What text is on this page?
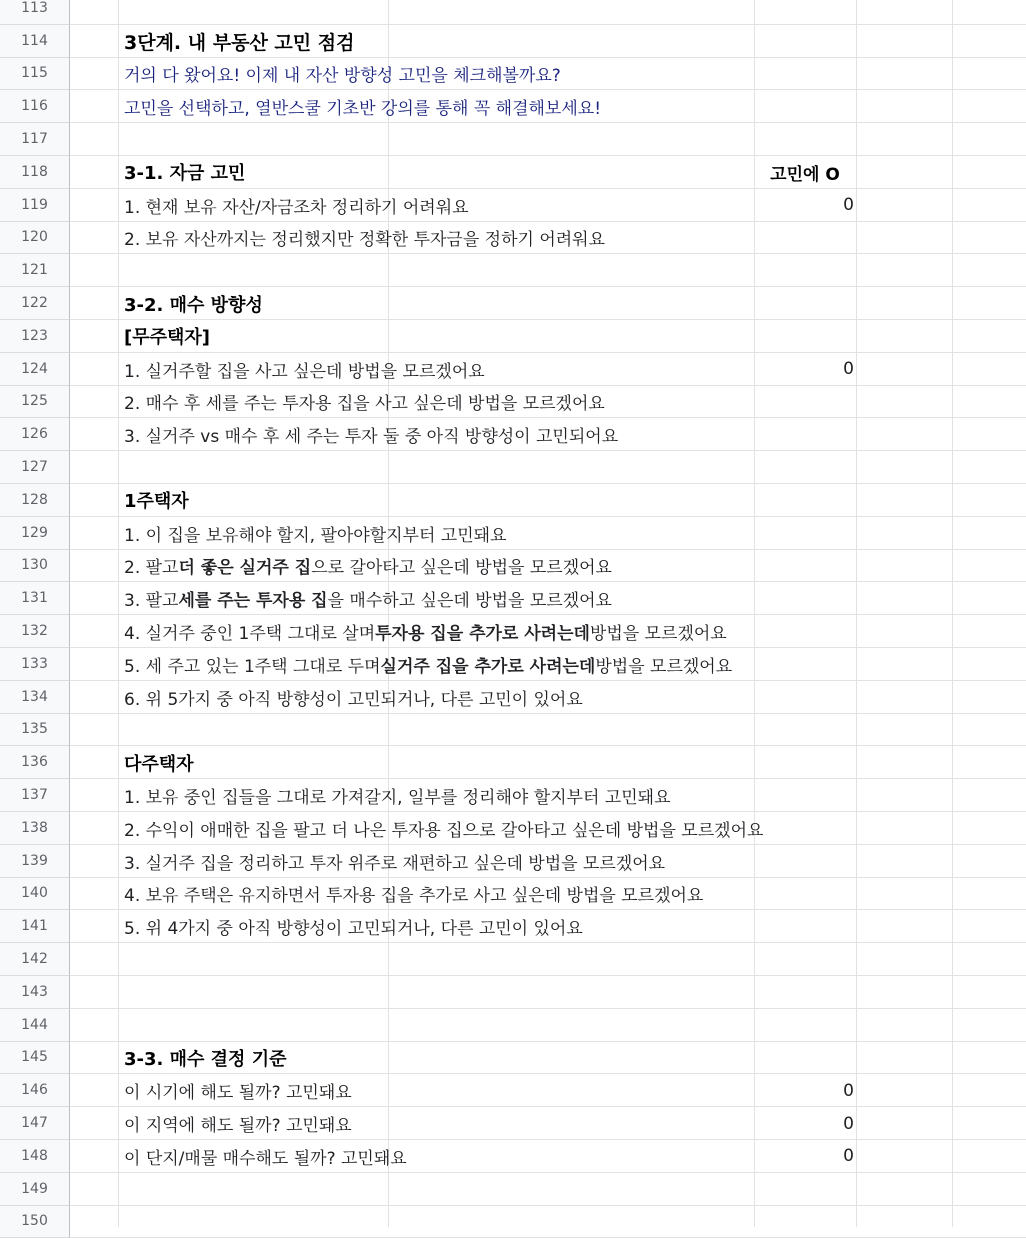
113
114	3단계. 내 부동산 고민 점검
115	거의 다 왔어요! 이제 내 자산 방향성 고민을 체크해볼까요?
116	고민을 선택하고, 열반스쿨 기초반 강의를 통해 꼭 해결해보세요!
117
118	3-1. 자금 고민	고민에 O
119	1. 현재 보유 자산/자금조차 정리하기 어려워요	0
120	2. 보유 자산까지는 정리했지만 정확한 투자금을 정하기 어려워요
121
122	3-2. 매수 방향성
123	[무주택자]
124	1. 실거주할 집을 사고 싶은데 방법을 모르겠어요	0
125	2. 매수 후 세를 주는 투자용 집을 사고 싶은데 방법을 모르겠어요
126	3. 실거주 vs 매수 후 세 주는 투자 둘 중 아직 방향성이 고민되어요
127
128	1주택자
129	1. 이 집을 보유해야 할지, 팔아야할지부터 고민돼요
130	2. 팔고 더 좋은 실거주 집 으로 갈아타고 싶은데 방법을 모르겠어요
131	3. 팔고 세를 주는 투자용 집 을 매수하고 싶은데 방법을 모르겠어요
132	4. 실거주 중인 1주택 그대로 살며 투자용 집을 추가로 사려는데 방법을 모르겠어요
133	5. 세 주고 있는 1주택 그대로 두며 실거주 집을 추가로 사려는데 방법을 모르겠어요
134	6. 위 5가지 중 아직 방향성이 고민되거나, 다른 고민이 있어요
135
136	다주택자
137	1. 보유 중인 집들을 그대로 가져갈지, 일부를 정리해야 할지부터 고민돼요
138	2. 수익이 애매한 집을 팔고 더 나은 투자용 집으로 갈아타고 싶은데 방법을 모르겠어요
139	3. 실거주 집을 정리하고 투자 위주로 재편하고 싶은데 방법을 모르겠어요
140	4. 보유 주택은 유지하면서 투자용 집을 추가로 사고 싶은데 방법을 모르겠어요
141	5. 위 4가지 중 아직 방향성이 고민되거나, 다른 고민이 있어요
142
143
144
145	3-3. 매수 결정 기준
146	이 시기에 해도 될까? 고민돼요	0
147	이 지역에 해도 될까? 고민돼요	0
148	이 단지/매물 매수해도 될까? 고민돼요	0
149
150
